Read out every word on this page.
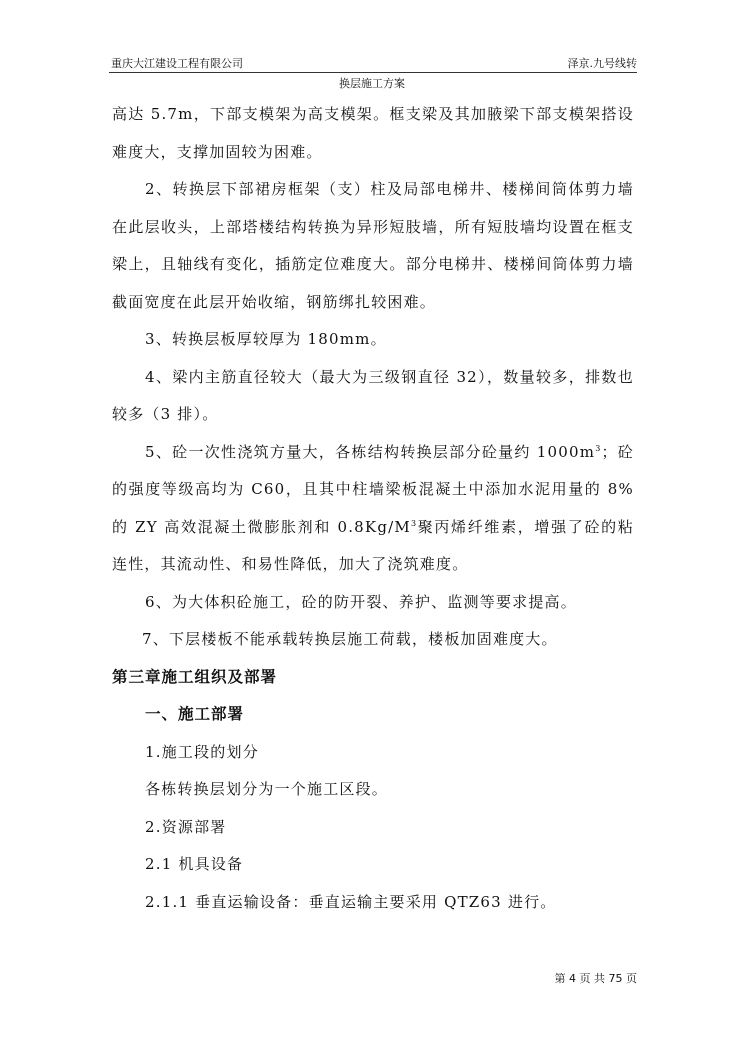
重庆大江建设工程有限公司	泽京.九号线转
换层施工方案

高达 5.7m，下部支模架为高支模架。框支梁及其加腋梁下部支模架搭设难度大，支撑加固较为困难。

2、转换层下部裙房框架（支）柱及局部电梯井、楼梯间筒体剪力墙在此层收头，上部塔楼结构转换为异形短肢墙，所有短肢墙均设置在框支梁上，且轴线有变化，插筋定位难度大。部分电梯井、楼梯间筒体剪力墙截面宽度在此层开始收缩，钢筋绑扎较困难。

3、转换层板厚较厚为 180mm。

4、梁内主筋直径较大（最大为三级钢直径 32），数量较多，排数也较多（3 排）。

5、砼一次性浇筑方量大，各栋结构转换层部分砼量约 $1000m^3$；砼的强度等级高均为 C60，且其中柱墙梁板混凝土中添加水泥用量的 8%的 ZY 高效混凝土微膨胀剂和 $0.8Kg/M^3$聚丙烯纤维素，增强了砼的粘连性，其流动性、和易性降低，加大了浇筑难度。

6、为大体积砼施工，砼的防开裂、养护、监测等要求提高。

7、下层楼板不能承载转换层施工荷载，楼板加固难度大。

第三章施工组织及部署

一、施工部署

1.施工段的划分

各栋转换层划分为一个施工区段。

2.资源部署

2.1 机具设备

2.1.1 垂直运输设备：垂直运输主要采用 QTZ63 进行。

第 4 页 共 75 页
